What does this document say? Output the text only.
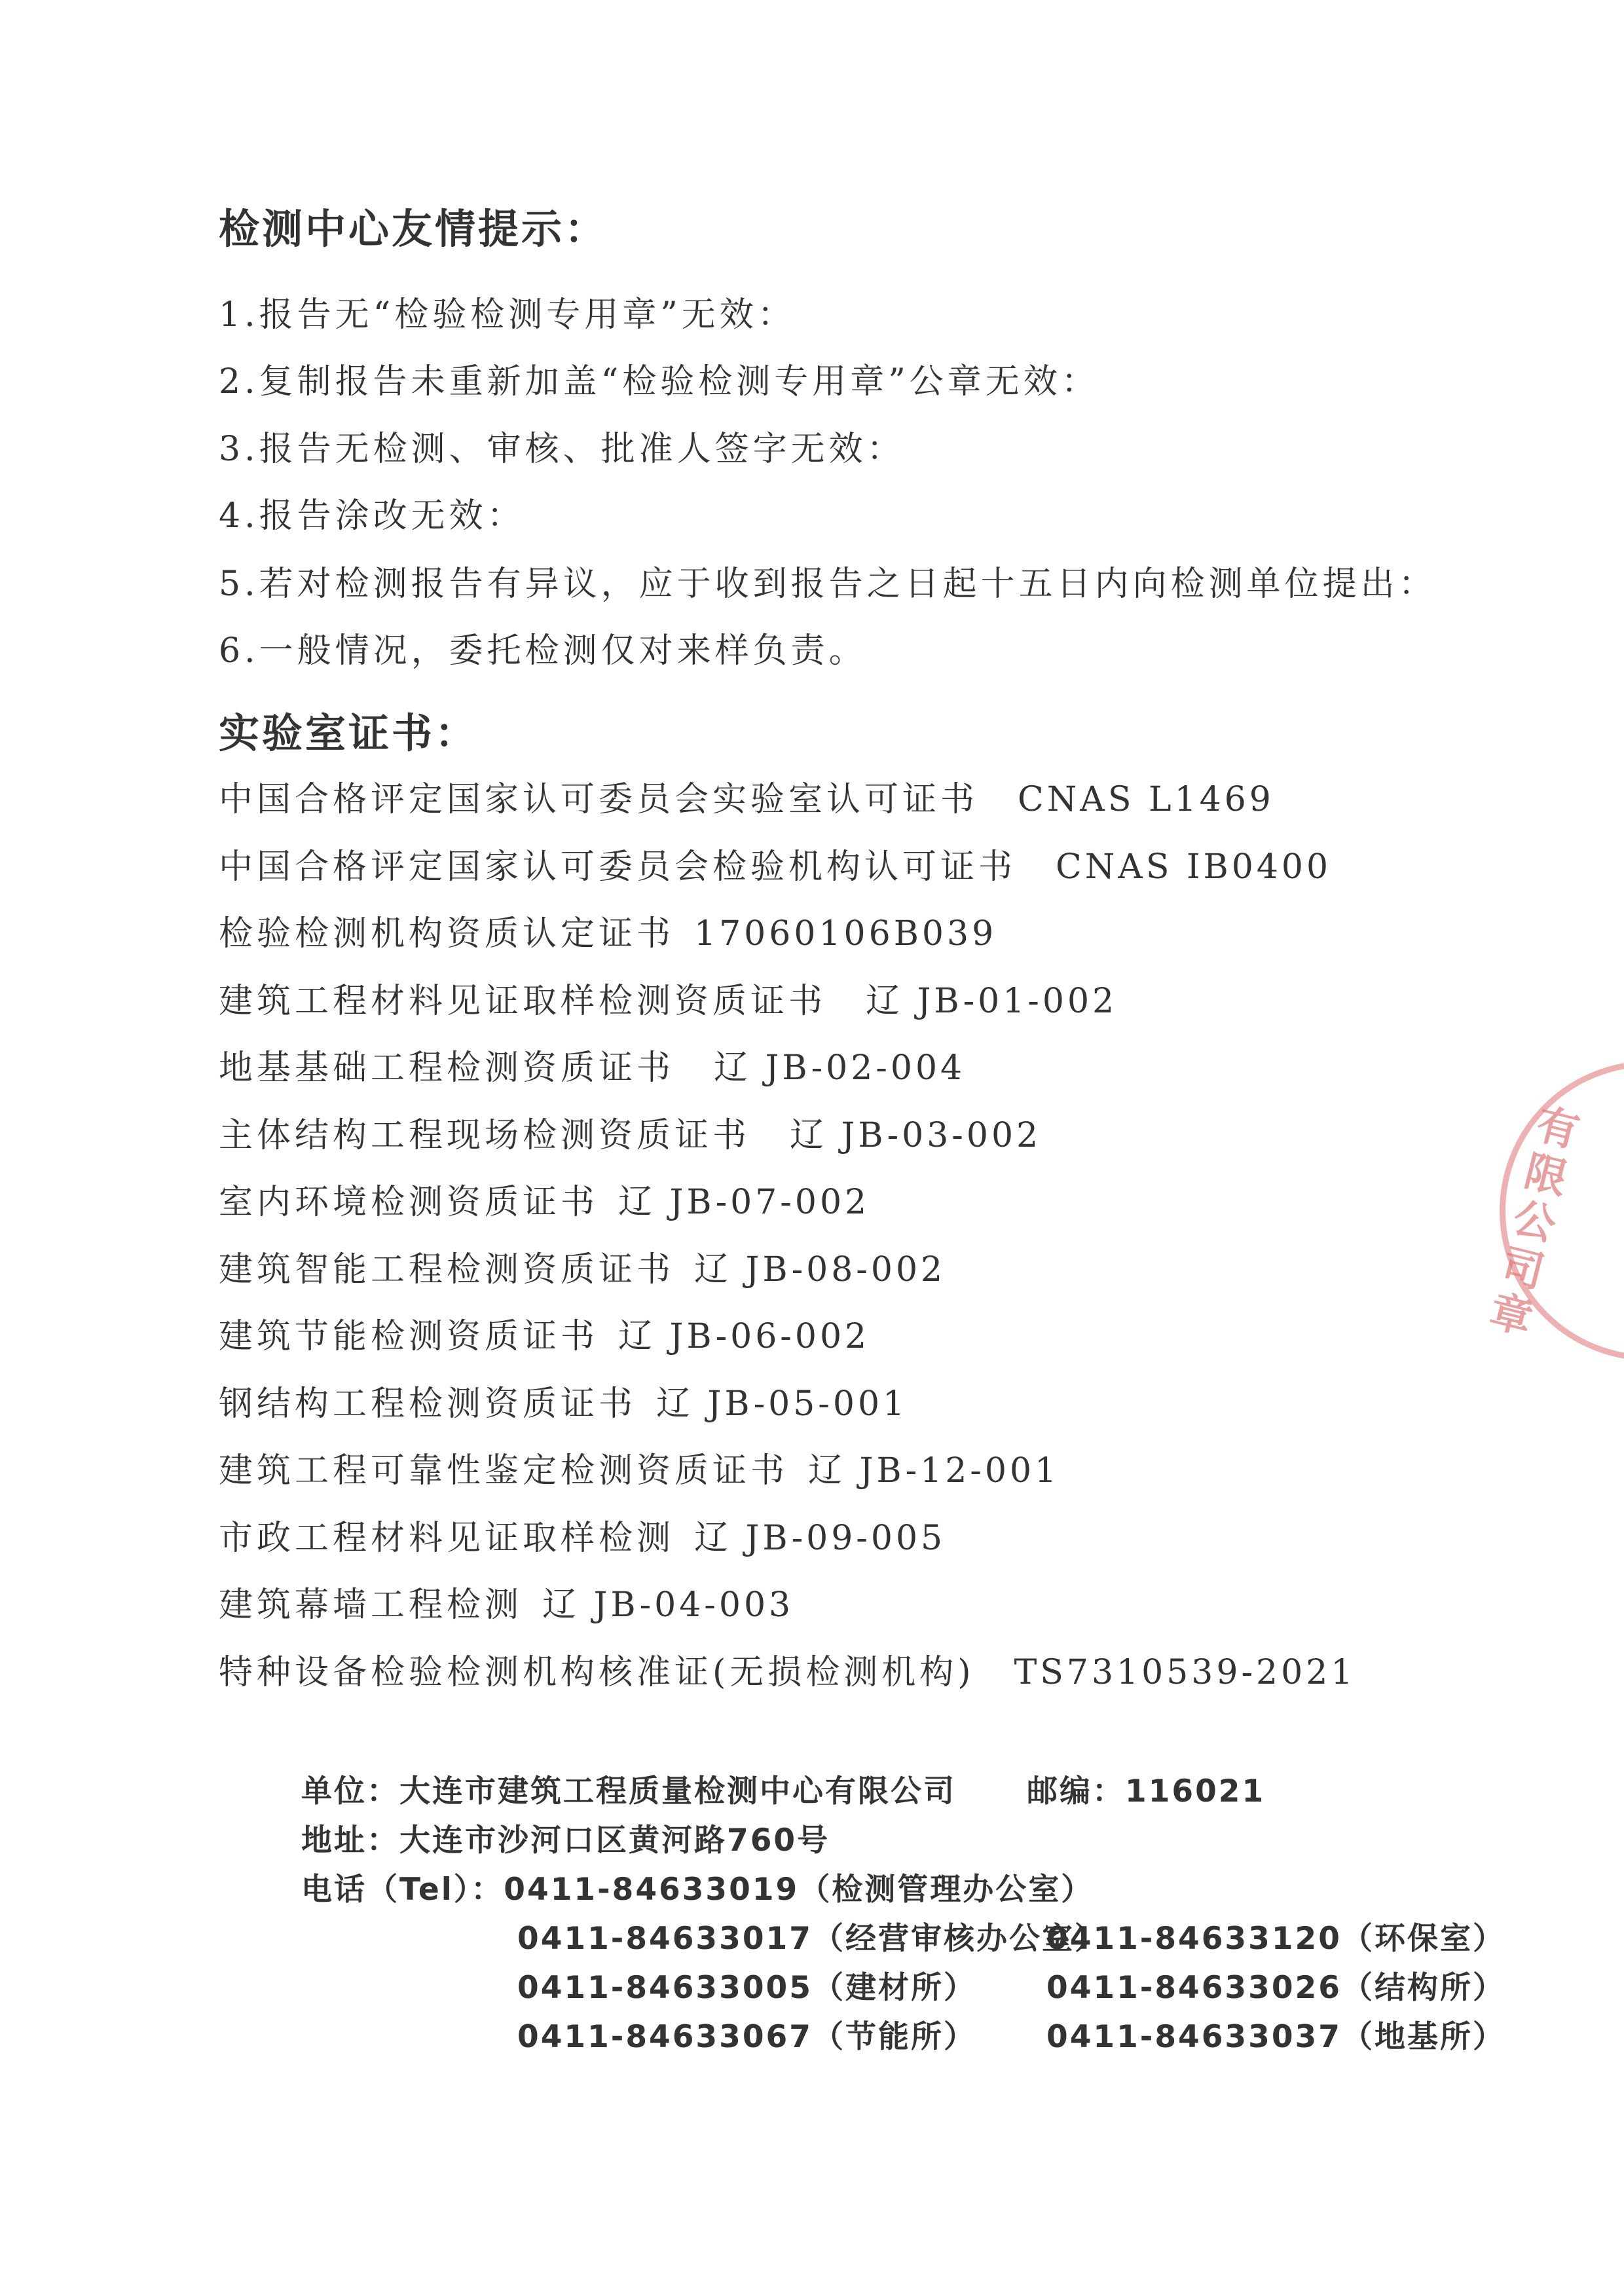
检测中心友情提示：
1.报告无“检验检测专用章”无效：
2.复制报告未重新加盖“检验检测专用章”公章无效：
3.报告无检测、审核、批准人签字无效：
4.报告涂改无效：
5.若对检测报告有异议，应于收到报告之日起十五日内向检测单位提出：
6.一般情况，委托检测仅对来样负责。
实验室证书：
中国合格评定国家认可委员会实验室认可证书 CNAS L1469
中国合格评定国家认可委员会检验机构认可证书 CNAS IB0400
检验检测机构资质认定证书 17060106B039
建筑工程材料见证取样检测资质证书 辽 JB-01-002
地基基础工程检测资质证书 辽 JB-02-004
主体结构工程现场检测资质证书 辽 JB-03-002
室内环境检测资质证书 辽 JB-07-002
建筑智能工程检测资质证书 辽 JB-08-002
建筑节能检测资质证书 辽 JB-06-002
钢结构工程检测资质证书 辽 JB-05-001
建筑工程可靠性鉴定检测资质证书 辽 JB-12-001
市政工程材料见证取样检测 辽 JB-09-005
建筑幕墙工程检测 辽 JB-04-003
特种设备检验检测机构核准证(无损检测机构) TS7310539-2021
单位：大连市建筑工程质量检测中心有限公司 邮编：116021
地址：大连市沙河口区黄河路760号
电话（Tel）：0411-84633019（检测管理办公室）
0411-84633017（经营审核办公室）
0411-84633120（环保室）
0411-84633005（建材所） 0411-84633026（结构所）
0411-84633067（节能所） 0411-84633037（地基所）
有
限
公
司
章
